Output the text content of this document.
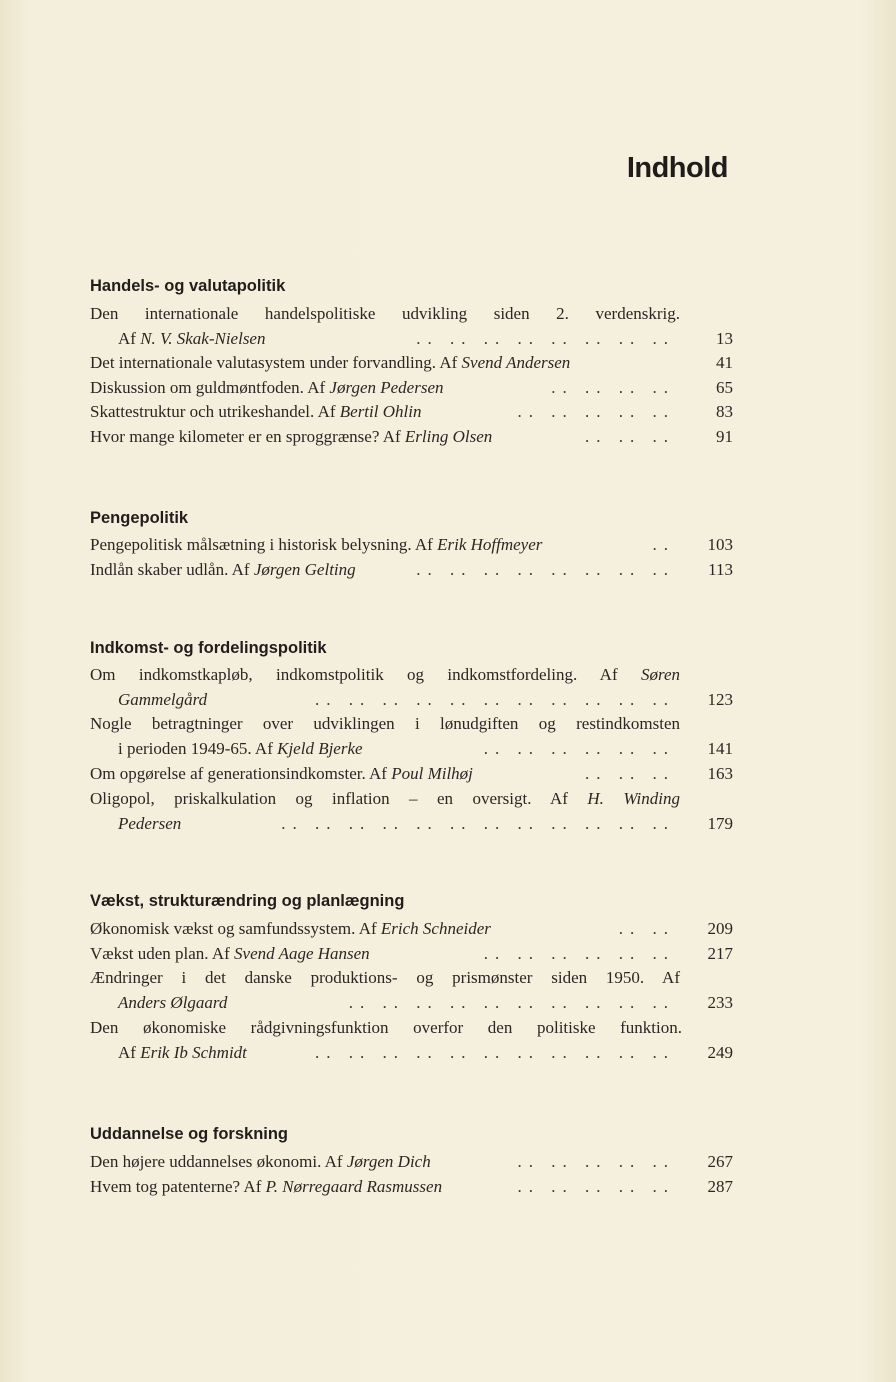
Indhold
Handels- og valutapolitik
Den internationale handelspolitiske udvikling siden 2. verdenskrig.
Af N. V. Skak-Nielsen	.. .. .. .. .. .. .. .. 13
Det internationale valutasystem under forvandling. Af Svend Andersen	41
Diskussion om guldmøntfoden. Af Jørgen Pedersen	.. .. .. .. 65
Skattestruktur och utrikeshandel. Af Bertil Ohlin	.. .. .. .. .. 83
Hvor mange kilometer er en sproggrænse? Af Erling Olsen	.. .. .. 91
Pengepolitik
Pengepolitisk målsætning i historisk belysning. Af Erik Hoffmeyer	.. 103
Indlån skaber udlån. Af Jørgen Gelting	.. .. .. .. .. .. .. .. 113
Indkomst- og fordelingspolitik
Om indkomstkapløb, indkomstpolitik og indkomstfordeling. Af Søren
Gammelgård	.. .. .. .. .. .. .. .. .. .. .. 123
Nogle betragtninger over udviklingen i lønudgiften og restindkomsten
i perioden 1949-65. Af Kjeld Bjerke	.. .. .. .. .. .. 141
Om opgørelse af generationsindkomster. Af Poul Milhøj	.. .. .. 163
Oligopol, priskalkulation og inflation – en oversigt. Af H. Winding
Pedersen	.. .. .. .. .. .. .. .. .. .. .. .. 179
Vækst, strukturændring og planlægning
Økonomisk vækst og samfundssystem. Af Erich Schneider	.. .. 209
Vækst uden plan. Af Svend Aage Hansen	.. .. .. .. .. .. 217
Ændringer i det danske produktions- og prismønster siden 1950. Af
Anders Ølgaard	.. .. .. .. .. .. .. .. .. .. 233
Den økonomiske rådgivningsfunktion overfor den politiske funktion.
Af Erik Ib Schmidt	.. .. .. .. .. .. .. .. .. .. .. 249
Uddannelse og forskning
Den højere uddannelses økonomi. Af Jørgen Dich	.. .. .. .. .. 267
Hvem tog patenterne? Af P. Nørregaard Rasmussen	.. .. .. .. .. 287
